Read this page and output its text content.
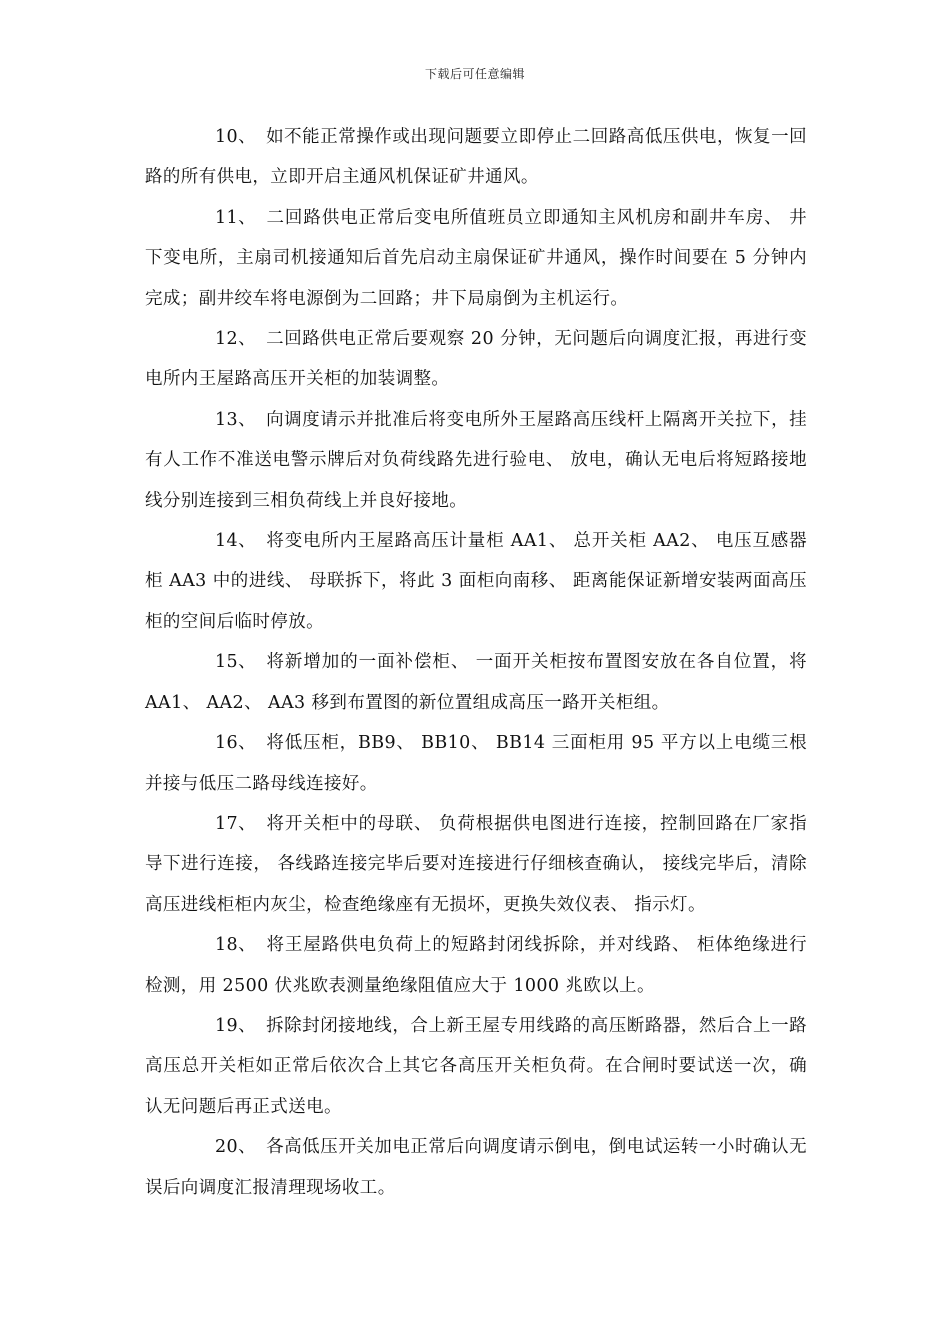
下载后可任意编辑

10、 如不能正常操作或出现问题要立即停止二回路高低压供电，恢复一回路的所有供电，立即开启主通风机保证矿井通风。

11、 二回路供电正常后变电所值班员立即通知主风机房和副井车房、 井下变电所，主扇司机接通知后首先启动主扇保证矿井通风，操作时间要在 5 分钟内完成；副井绞车将电源倒为二回路；井下局扇倒为主机运行。

12、 二回路供电正常后要观察 20 分钟，无问题后向调度汇报，再进行变电所内王屋路高压开关柜的加装调整。

13、 向调度请示并批准后将变电所外王屋路高压线杆上隔离开关拉下，挂有人工作不准送电警示牌后对负荷线路先进行验电、 放电，确认无电后将短路接地线分别连接到三相负荷线上并良好接地。

14、 将变电所内王屋路高压计量柜 AA1、 总开关柜 AA2、 电压互感器柜 AA3 中的进线、 母联拆下，将此 3 面柜向南移、 距离能保证新增安装两面高压柜的空间后临时停放。

15、 将新增加的一面补偿柜、 一面开关柜按布置图安放在各自位置，将 AA1、 AA2、 AA3 移到布置图的新位置组成高压一路开关柜组。

16、 将低压柜，BB9、 BB10、 BB14 三面柜用 95 平方以上电缆三根并接与低压二路母线连接好。

17、 将开关柜中的母联、 负荷根据供电图进行连接，控制回路在厂家指导下进行连接， 各线路连接完毕后要对连接进行仔细核查确认， 接线完毕后，清除高压进线柜柜内灰尘，检查绝缘座有无损坏，更换失效仪表、 指示灯。

18、 将王屋路供电负荷上的短路封闭线拆除，并对线路、 柜体绝缘进行检测，用 2500 伏兆欧表测量绝缘阻值应大于 1000 兆欧以上。

19、 拆除封闭接地线，合上新王屋专用线路的高压断路器，然后合上一路高压总开关柜如正常后依次合上其它各高压开关柜负荷。在合闸时要试送一次，确认无问题后再正式送电。

20、 各高低压开关加电正常后向调度请示倒电，倒电试运转一小时确认无误后向调度汇报清理现场收工。
